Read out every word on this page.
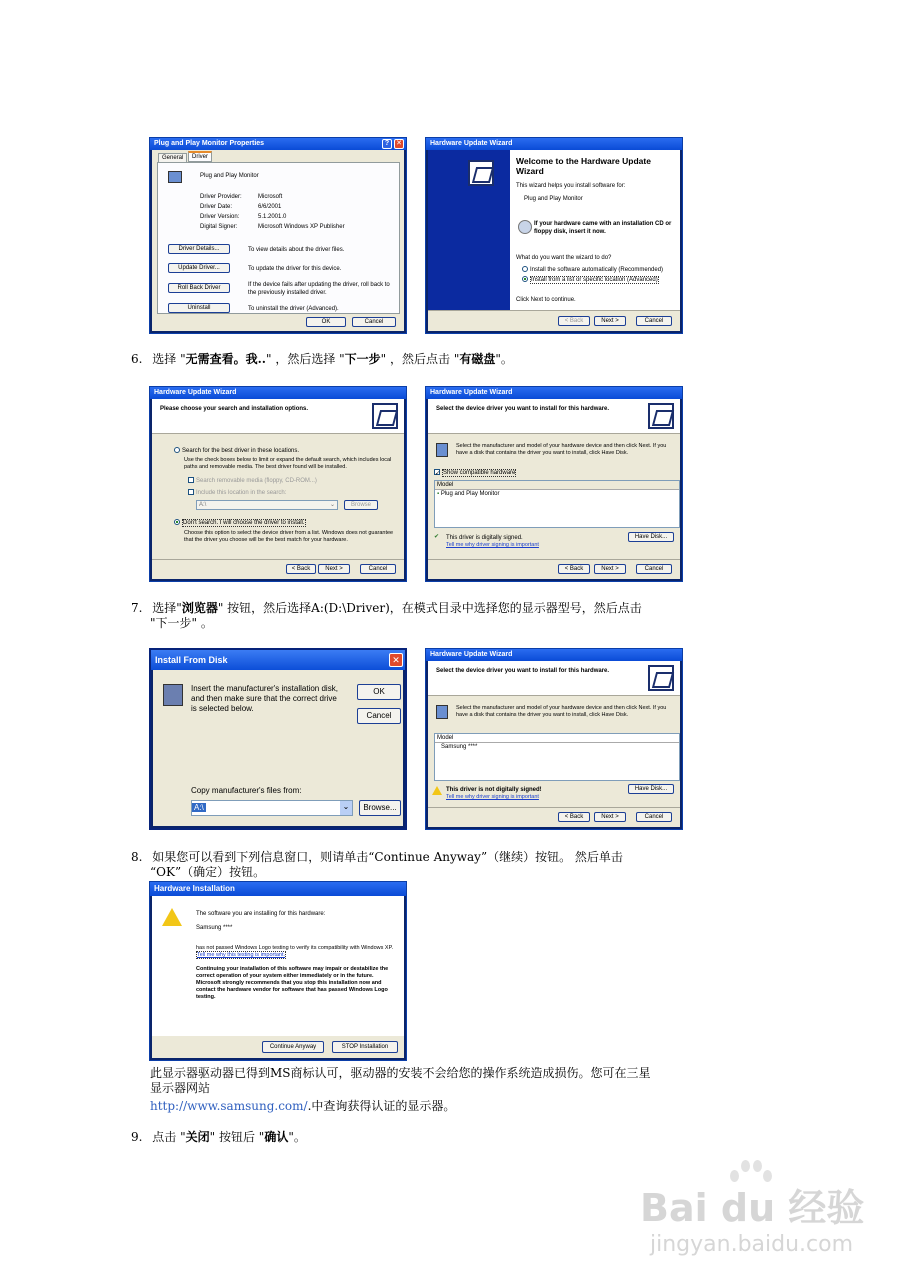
Plug and Play Monitor Properties	? ✕
General	Driver
Plug and Play Monitor
Driver Provider:	Microsoft
Driver Date:	6/6/2001
Driver Version:	5.1.2001.0
Digital Signer:	Microsoft Windows XP Publisher
Driver Details...	To view details about the driver files.
Update Driver...	To update the driver for this device.
Roll Back Driver	If the device fails after updating the driver, roll back to the previously installed driver.
Uninstall	To uninstall the driver (Advanced).
OK	Cancel
Hardware Update Wizard
Welcome to the Hardware Update Wizard
This wizard helps you install software for:
Plug and Play Monitor
If your hardware came with an installation CD or floppy disk, insert it now.
What do you want the wizard to do?
Install the software automatically (Recommended)
Install from a list or specific location (Advanced)
Click Next to continue.
< Back	Next >	Cancel
6. 选择 "无需查看。我.." ，然后选择 "下一步" ，然后点击 "有磁盘"。
Hardware Update Wizard
Please choose your search and installation options.
Search for the best driver in these locations.
Use the check boxes below to limit or expand the default search, which includes local paths and removable media. The best driver found will be installed.
Search removable media (floppy, CD-ROM...)
Include this location in the search:
A:\	⌄	Browse
Don't search. I will choose the driver to install.
Choose this option to select the device driver from a list. Windows does not guarantee that the driver you choose will be the best match for your hardware.
< Back	Next >	Cancel
Hardware Update Wizard
Select the device driver you want to install for this hardware.
Select the manufacturer and model of your hardware device and then click Next. If you have a disk that contains the driver you want to install, click Have Disk.
✓ Show compatible hardware
Model
▪ Plug and Play Monitor
✔ This driver is digitally signed.
Tell me why driver signing is important
Have Disk...
< Back	Next >	Cancel
7. 选择"浏览器" 按钮，然后选择A:(D:\Driver)，在模式目录中选择您的显示器型号，然后点击
"下一步" 。
Install From Disk	✕
Insert the manufacturer's installation disk, and then make sure that the correct drive is selected below.
OK
Cancel
Copy manufacturer's files from:
A:\	⌄	Browse...
Hardware Update Wizard
Select the device driver you want to install for this hardware.
Select the manufacturer and model of your hardware device and then click Next. If you have a disk that contains the driver you want to install, click Have Disk.
Model
Samsung ****
This driver is not digitally signed!
Tell me why driver signing is important
Have Disk...
< Back	Next >	Cancel
8. 如果您可以看到下列信息窗口，则请单击“Continue Anyway”（继续）按钮。 然后单击
“OK”（确定）按钮。
Hardware Installation
The software you are installing for this hardware:
Samsung ****
has not passed Windows Logo testing to verify its compatibility with Windows XP. Tell me why this testing is important.
Continuing your installation of this software may impair or destabilize the correct operation of your system either immediately or in the future. Microsoft strongly recommends that you stop this installation now and contact the hardware vendor for software that has passed Windows Logo testing.
Continue Anyway	STOP Installation
此显示器驱动器已得到MS商标认可，驱动器的安装不会给您的操作系统造成损伤。您可在三星
显示器网站
http://www.samsung.com/.中查询获得认证的显示器。
9. 点击 "关闭" 按钮后 "确认"。
Bai du 经验
jingyan.baidu.com
